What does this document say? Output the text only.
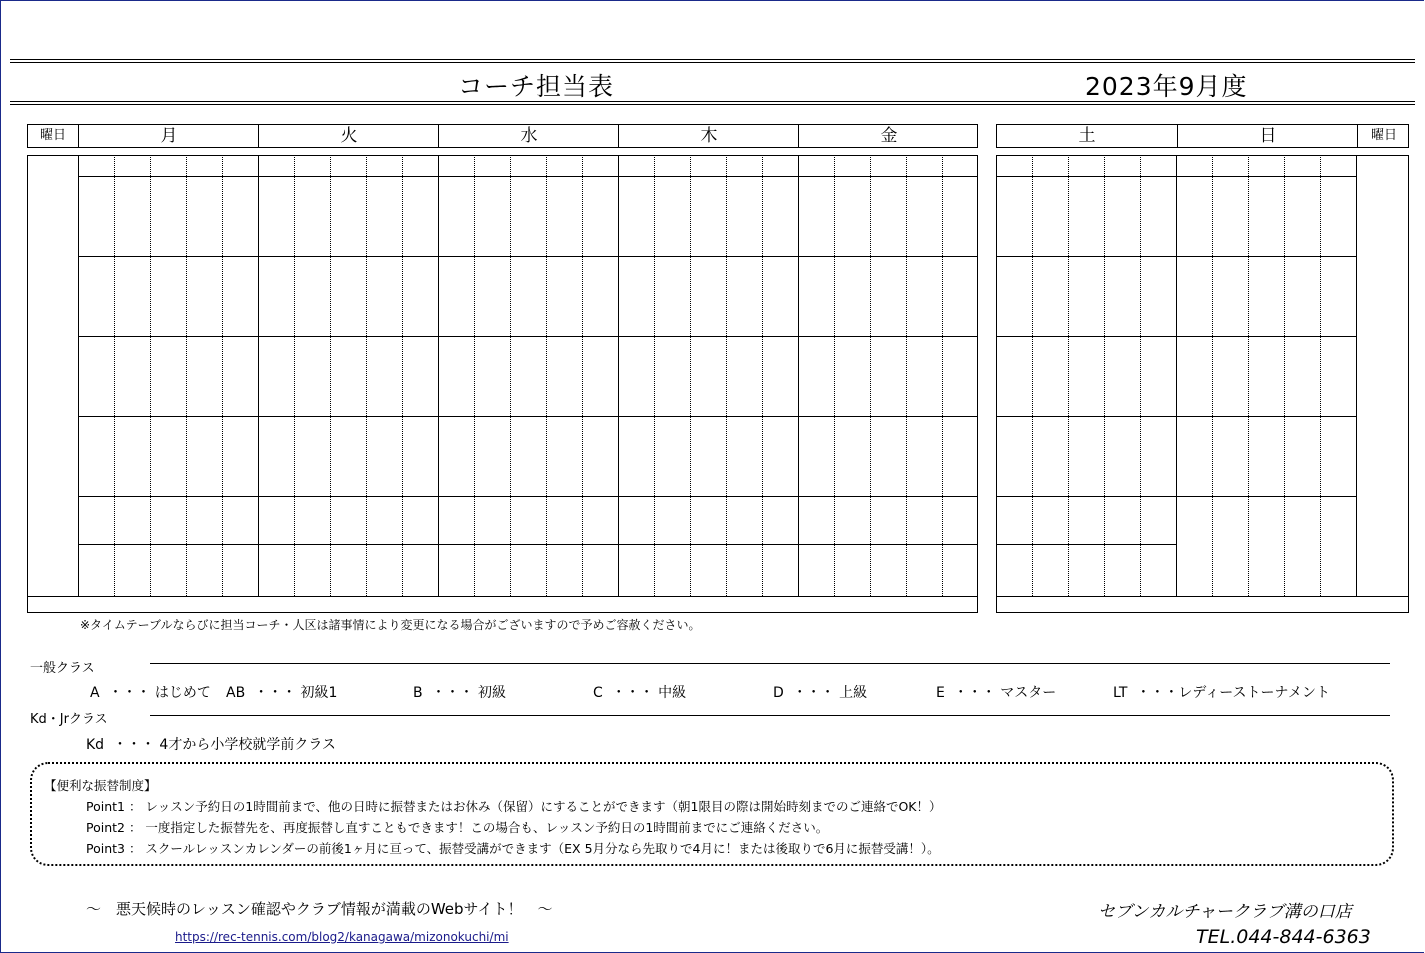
コーチ担当表	2023年9月度
曜日	月	火	水	木	金	土	日	曜日
※タイムテーブルならびに担当コーチ・人区は諸事情により変更になる場合がございますので予めご容赦ください。
一般クラス
A ・・・ はじめて AB ・・・ 初級1	B ・・・ 初級	C ・・・ 中級	D ・・・ 上級	E ・・・ マスター	LT ・・・レディーストーナメント
Kd・Jrクラス
Kd ・・・ 4才から小学校就学前クラス
【便利な振替制度】
Point1 ： レッスン予約日の1時間前まで、他の日時に振替またはお休み（保留）にすることができます（朝1限目の際は開始時刻までのご連絡でOK！）
Point2 ： 一度指定した振替先を、再度振替し直すこともできます！この場合も、レッスン予約日の1時間前までにご連絡ください。
Point3 ： スクールレッスンカレンダーの前後1ヶ月に亘って、振替受講ができます（EX 5月分なら先取りで4月に！または後取りで6月に振替受講！）。
～　悪天候時のレッスン確認やクラブ情報が満載のWebサイト！　～
https://rec-tennis.com/blog2/kanagawa/mizonokuchi/mi
セブンカルチャークラブ溝の口店
TEL.044-844-6363
